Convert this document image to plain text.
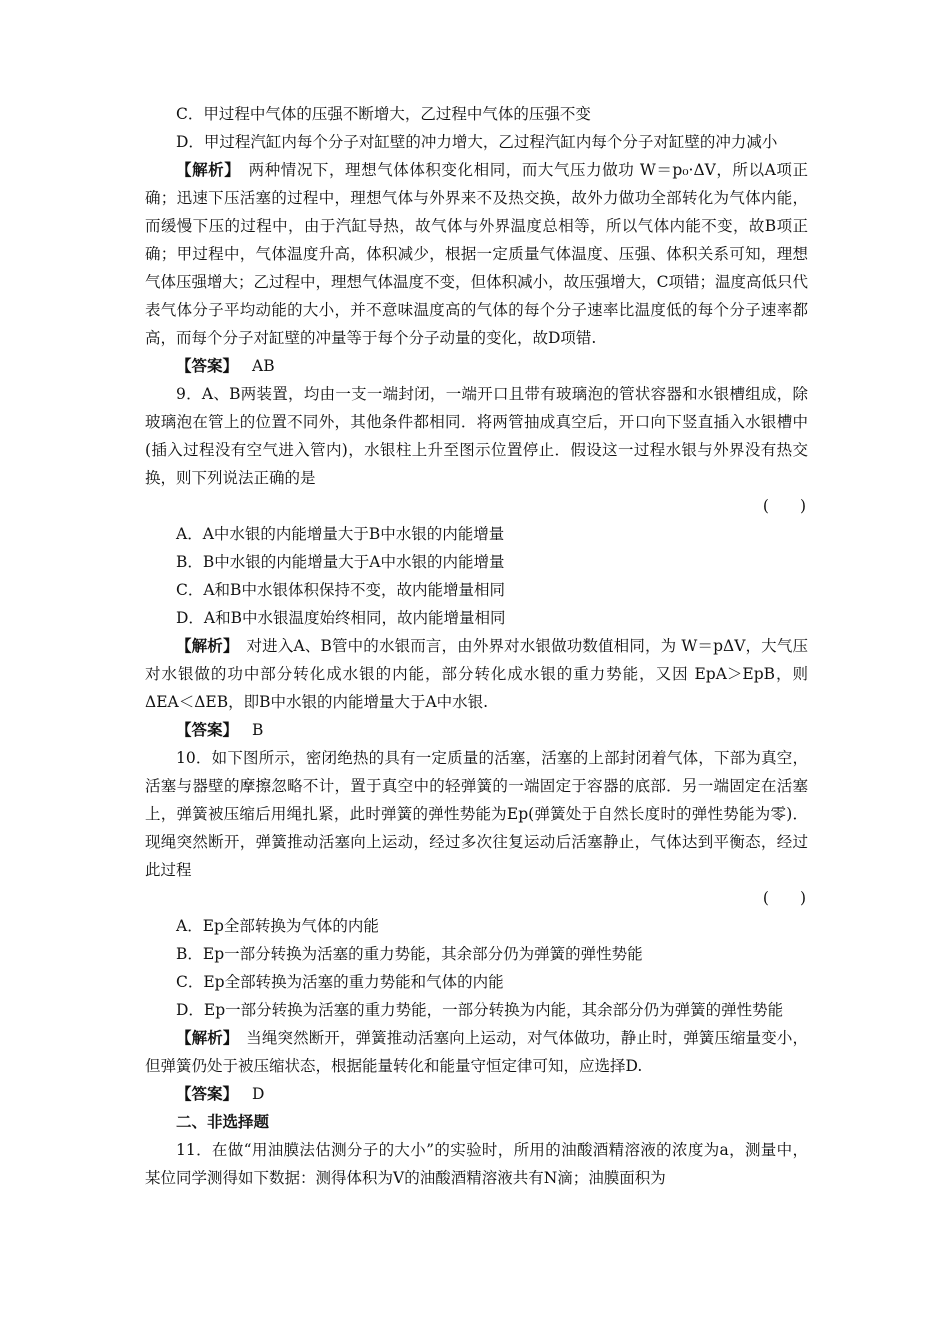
C．甲过程中气体的压强不断增大，乙过程中气体的压强不变

D．甲过程汽缸内每个分子对缸壁的冲力增大，乙过程汽缸内每个分子对缸壁的冲力减小

【解析】　 两种情况下，理想气体体积变化相同，而大气压力做功 W＝p₀·ΔV，所以A项正确；迅速下压活塞的过程中，理想气体与外界来不及热交换，故外力做功全部转化为气体内能，而缓慢下压的过程中，由于汽缸导热，故气体与外界温度总相等，所以气体内能不变，故B项正确；甲过程中，气体温度升高，体积减少，根据一定质量气体温度、压强、体积关系可知，理想气体压强增大；乙过程中，理想气体温度不变，但体积减小，故压强增大，C项错；温度高低只代表气体分子平均动能的大小，并不意味温度高的气体的每个分子速率比温度低的每个分子速率都高，而每个分子对缸壁的冲量等于每个分子动量的变化，故D项错.

【答案】 AB

9．A、B两装置，均由一支一端封闭，一端开口且带有玻璃泡的管状容器和水银槽组成，除玻璃泡在管上的位置不同外，其他条件都相同．将两管抽成真空后，开口向下竖直插入水银槽中(插入过程没有空气进入管内)，水银柱上升至图示位置停止．假设这一过程水银与外界没有热交换，则下列说法正确的是

(　　)

A．A中水银的内能增量大于B中水银的内能增量

B．B中水银的内能增量大于A中水银的内能增量

C．A和B中水银体积保持不变，故内能增量相同

D．A和B中水银温度始终相同，故内能增量相同

【解析】　 对进入A、B管中的水银而言，由外界对水银做功数值相同，为 W＝pΔV，大气压对水银做的功中部分转化成水银的内能，部分转化成水银的重力势能，又因 EpA＞EpB，则 ΔEA＜ΔEB，即B中水银的内能增量大于A中水银.

【答案】 B

10．如下图所示，密闭绝热的具有一定质量的活塞，活塞的上部封闭着气体，下部为真空，活塞与器壁的摩擦忽略不计，置于真空中的轻弹簧的一端固定于容器的底部．另一端固定在活塞上，弹簧被压缩后用绳扎紧，此时弹簧的弹性势能为Ep(弹簧处于自然长度时的弹性势能为零)．现绳突然断开，弹簧推动活塞向上运动，经过多次往复运动后活塞静止，气体达到平衡态，经过此过程

(　　)

A．Ep全部转换为气体的内能

B．Ep一部分转换为活塞的重力势能，其余部分仍为弹簧的弹性势能

C．Ep全部转换为活塞的重力势能和气体的内能

D．Ep一部分转换为活塞的重力势能，一部分转换为内能，其余部分仍为弹簧的弹性势能

【解析】　 当绳突然断开，弹簧推动活塞向上运动，对气体做功，静止时，弹簧压缩量变小，但弹簧仍处于被压缩状态，根据能量转化和能量守恒定律可知，应选择D.

【答案】 D

二、非选择题

11．在做“用油膜法估测分子的大小”的实验时，所用的油酸酒精溶液的浓度为a，测量中，某位同学测得如下数据：测得体积为V的油酸酒精溶液共有N滴；油膜面积为
